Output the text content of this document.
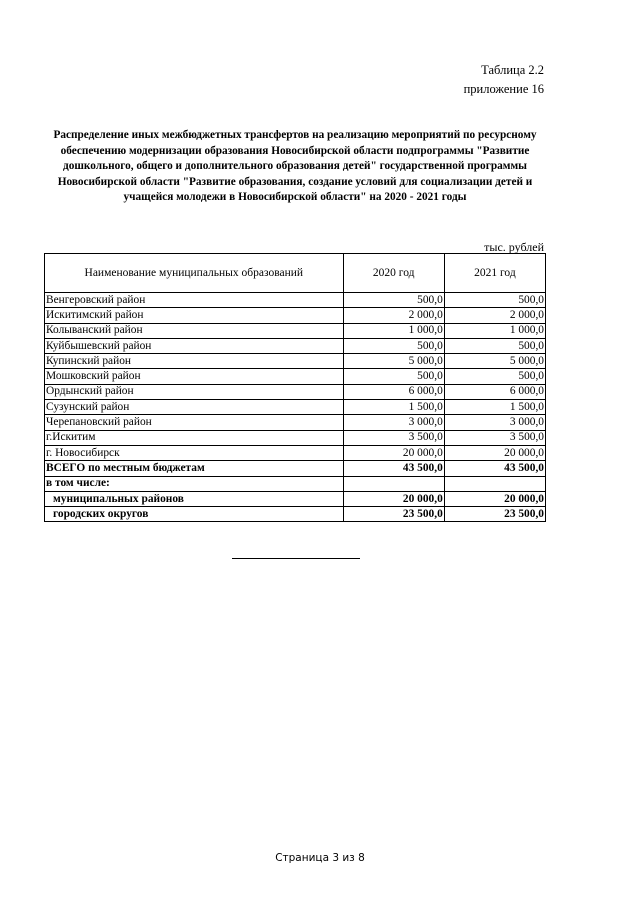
Таблица 2.2
приложение 16
Распределение иных межбюджетных трансфертов на реализацию мероприятий по ресурсному обеспечению модернизации образования Новосибирской области подпрограммы "Развитие дошкольного, общего и дополнительного образования детей" государственной программы Новосибирской области "Развитие образования, создание условий для социализации детей и учащейся молодежи в Новосибирской области" на 2020 - 2021 годы
тыс. рублей
Наименование муниципальных образований	2020 год	2021 год
Венгеровский район	500,0	500,0
Искитимский район	2 000,0	2 000,0
Колыванский район	1 000,0	1 000,0
Куйбышевский район	500,0	500,0
Купинский район	5 000,0	5 000,0
Мошковский район	500,0	500,0
Ордынский район	6 000,0	6 000,0
Сузунский район	1 500,0	1 500,0
Черепановский район	3 000,0	3 000,0
г.Искитим	3 500,0	3 500,0
г. Новосибирск	20 000,0	20 000,0
ВСЕГО по местным бюджетам	43 500,0	43 500,0
в том числе:		
муниципальных районов	20 000,0	20 000,0
городских округов	23 500,0	23 500,0
Страница 3 из 8
